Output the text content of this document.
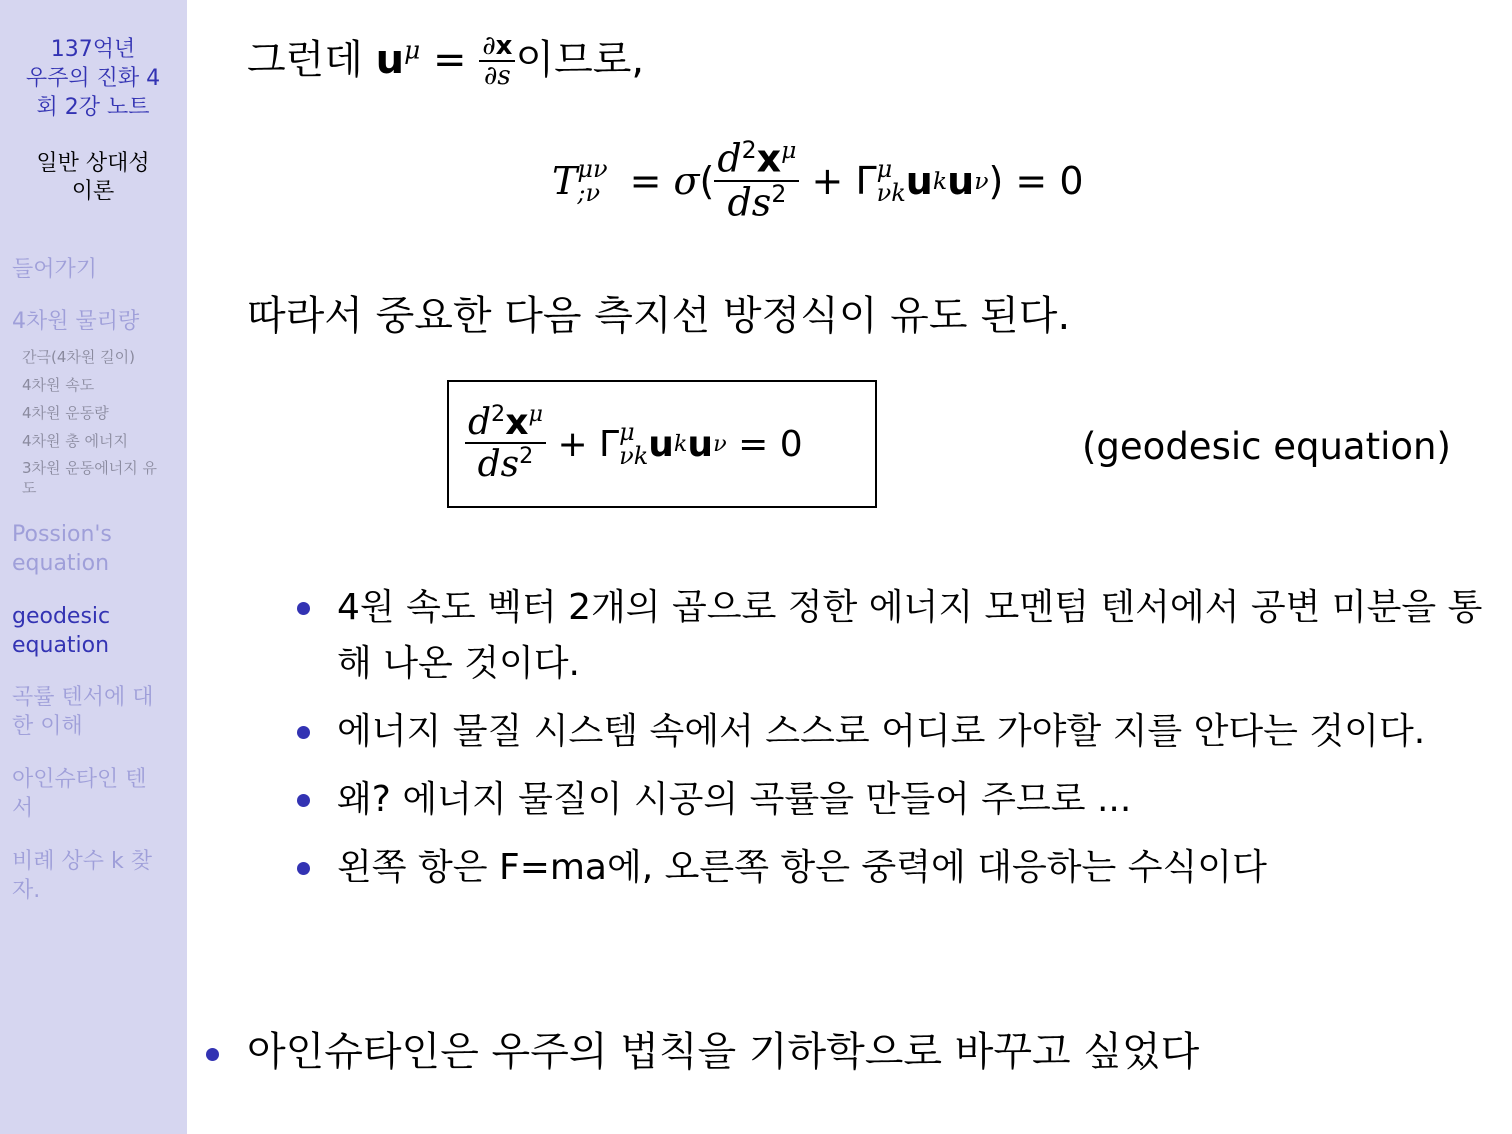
137억년
우주의 진화 4
회 2강 노트
일반 상대성
이론
들어가기
4차원 물리량
간극(4차원 길이)
4차원 속도
4차원 운동량
4차원 총 에너지
3차원 운동에너지 유도
Possion's equation
geodesic equation
곡률 텐서에 대한 이해
아인슈타인 텐서
비례 상수 k 찾자.
그런데 $u^\mu = \frac{\partial x}{\partial s}$ 이므로,
T μν
;ν = σ ( $\frac{d^2x^\mu}{ds^2} + \Gamma$ μ
νk u k u ν ) = 0
따라서 중요한 다음 측지선 방정식이 유도 된다.
$\frac{d^2x^\mu}{ds^2} + \Gamma$ μ
νk u k u ν = 0	(geodesic equation)
4원 속도 벡터 2개의 곱으로 정한 에너지 모멘텀 텐서에서 공변 미분을 통해 나온 것이다.
에너지 물질 시스템 속에서 스스로 어디로 가야할 지를 안다는 것이다.
왜? 에너지 물질이 시공의 곡률을 만들어 주므로 ...
왼쪽 항은 F=ma에, 오른쪽 항은 중력에 대응하는 수식이다
아인슈타인은 우주의 법칙을 기하학으로 바꾸고 싶었다
